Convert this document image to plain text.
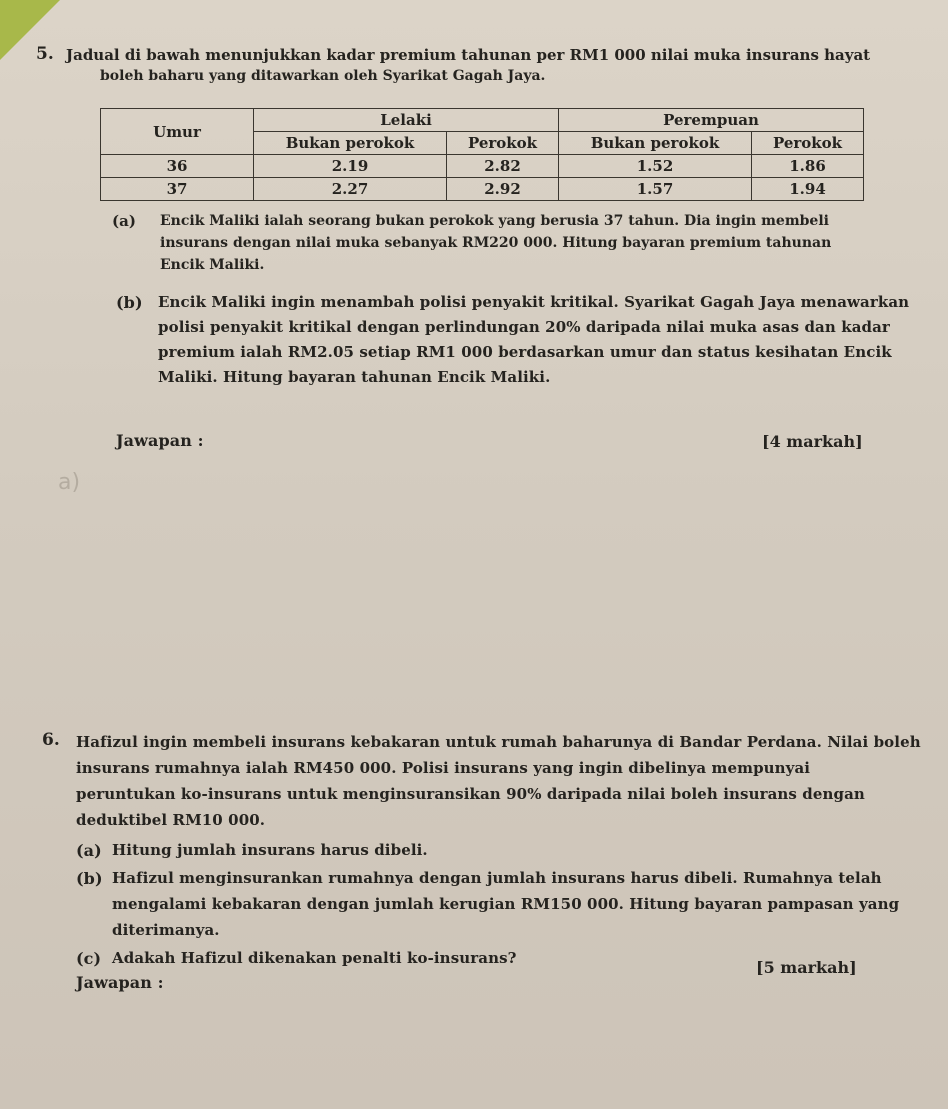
5. Jadual di bawah menunjukkan kadar premium tahunan per RM1 000 nilai muka insurans hayat
boleh baharu yang ditawarkan oleh Syarikat Gagah Jaya.
Umur	Lelaki		Perempuan	
	Bukan perokok	Perokok	Bukan perokok	Perokok
36	2.19	2.82	1.52	1.86
37	2.27	2.92	1.57	1.94
(a) Encik Maliki ialah seorang bukan perokok yang berusia 37 tahun. Dia ingin membeli
insurans dengan nilai muka sebanyak RM220 000. Hitung bayaran premium tahunan
Encik Maliki.
(b) Encik Maliki ingin menambah polisi penyakit kritikal. Syarikat Gagah Jaya menawarkan
polisi penyakit kritikal dengan perlindungan 20% daripada nilai muka asas dan kadar
premium ialah RM2.05 setiap RM1 000 berdasarkan umur dan status kesihatan Encik
Maliki. Hitung bayaran tahunan Encik Maliki.
Jawapan :	[4 markah]
a)
6. Hafizul ingin membeli insurans kebakaran untuk rumah baharunya di Bandar Perdana. Nilai boleh
insurans rumahnya ialah RM450 000. Polisi insurans yang ingin dibelinya mempunyai
peruntukan ko-insurans untuk menginsuransikan 90% daripada nilai boleh insurans dengan
deduktibel RM10 000.
(a) Hitung jumlah insurans harus dibeli.
(b) Hafizul menginsurankan rumahnya dengan jumlah insurans harus dibeli. Rumahnya telah
mengalami kebakaran dengan jumlah kerugian RM150 000. Hitung bayaran pampasan yang
diterimanya.
(c) Adakah Hafizul dikenakan penalti ko-insurans?
Jawapan :
[5 markah]
